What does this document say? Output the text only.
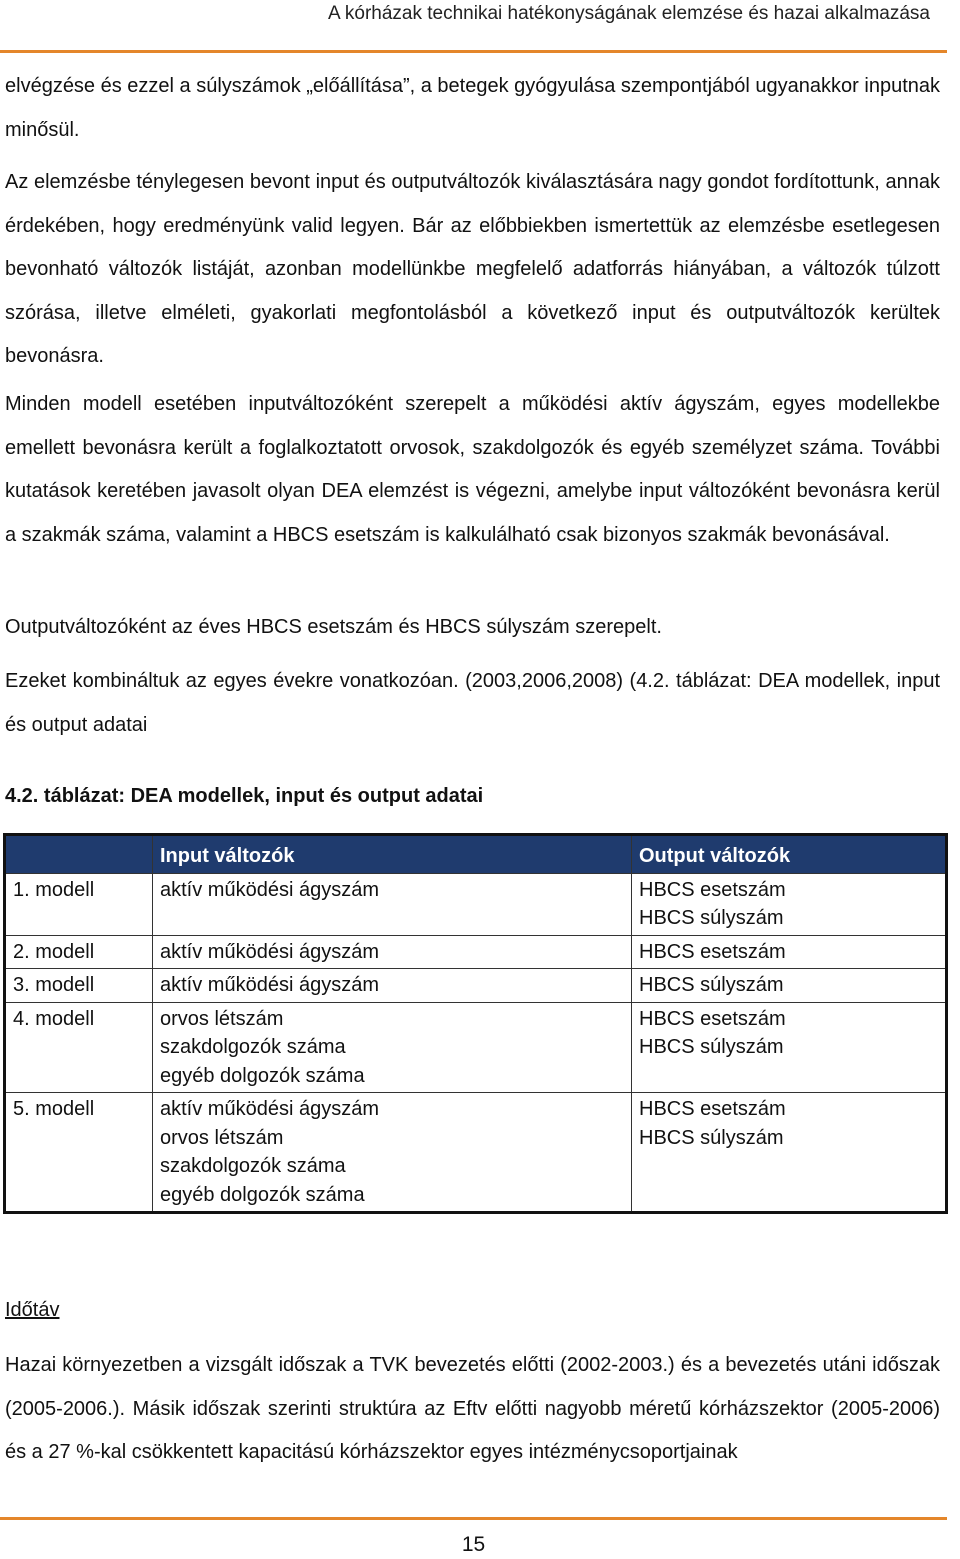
A kórházak technikai hatékonyságának elemzése és hazai alkalmazása

elvégzése és ezzel a súlyszámok „előállítása”, a betegek gyógyulása szempontjából ugyanakkor inputnak minősül.

Az elemzésbe ténylegesen bevont input és outputváltozók kiválasztására nagy gondot fordítottunk, annak érdekében, hogy eredményünk valid legyen. Bár az előbbiekben ismertettük az elemzésbe esetlegesen bevonható változók listáját, azonban modellünkbe megfelelő adatforrás hiányában, a változók túlzott szórása, illetve elméleti, gyakorlati megfontolásból a következő input és outputváltozók kerültek bevonásra.

Minden modell esetében inputváltozóként szerepelt a működési aktív ágyszám, egyes modellekbe emellett bevonásra került a foglalkoztatott orvosok, szakdolgozók és egyéb személyzet száma. További kutatások keretében javasolt olyan DEA elemzést is végezni, amelybe input változóként bevonásra kerül a szakmák száma, valamint a HBCS esetszám is kalkulálható csak bizonyos szakmák bevonásával.

Outputváltozóként az éves HBCS esetszám és HBCS súlyszám szerepelt.

Ezeket kombináltuk az egyes évekre vonatkozóan. (2003,2006,2008) (4.2. táblázat: DEA modellek, input és output adatai

4.2. táblázat: DEA modellek, input és output adatai
	Input változók	Output változók
1. modell	aktív működési ágyszám	HBCS esetszám
HBCS súlyszám

2. modell	aktív működési ágyszám	HBCS esetszám

3. modell	aktív működési ágyszám	HBCS súlyszám

4. modell	orvos létszám
szakdolgozók száma
egyéb dolgozók száma	HBCS esetszám
HBCS súlyszám

5. modell	aktív működési ágyszám
orvos létszám
szakdolgozók száma
egyéb dolgozók száma	HBCS esetszám
HBCS súlyszám
Időtáv

Hazai környezetben a vizsgált időszak a TVK bevezetés előtti (2002-2003.) és a bevezetés utáni időszak (2005-2006.). Másik időszak szerinti struktúra az Eftv előtti nagyobb méretű kórházszektor (2005-2006) és a 27 %-kal csökkentett kapacitású kórházszektor egyes intézménycsoportjainak

15
